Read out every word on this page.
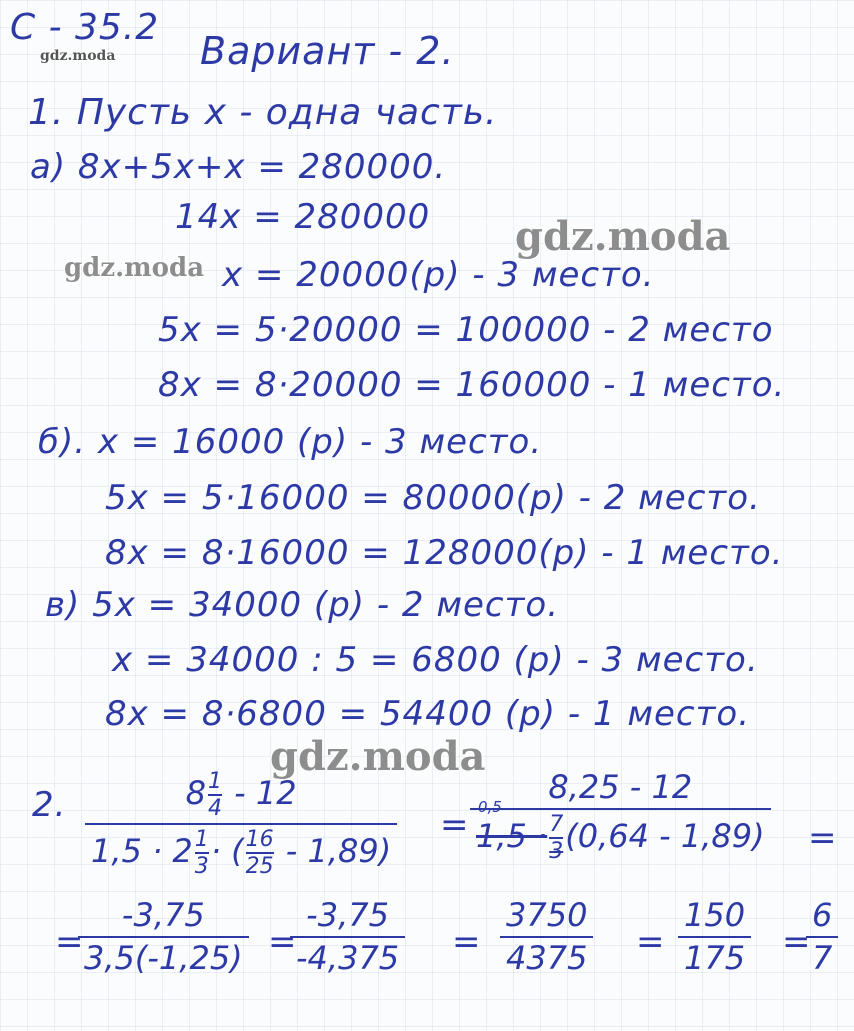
С - 35.2
gdz.moda Вариант - 2.
1. Пусть х - одна часть.
а) 8х+5х+х = 280000.
14х = 280000 gdz.moda
gdz.moda х = 20000(р) - 3 место.
5х = 5·20000 = 100000 - 2 место
8х = 8·20000 = 160000 - 1 место.
б). х = 16000 (р) - 3 место.
5х = 5·16000 = 80000(р) - 2 место.
8х = 8·16000 = 128000(р) - 1 место.
в) 5х = 34000 (р) - 2 место.
х = 34000 : 5 = 6800 (р) - 3 место.
8х = 8·6800 = 54400 (р) - 1 место.
gdz.moda
2.	$8 \frac{1}{4} - 12$
$1,5 \cdot 2 \frac{1}{3}$ · ( $\frac{16}{25} - 1,89$)
=
8,25 - 12
0,5
$1,5 \cdot \frac{7}{3} (0,64 - 1,89)$ =
=
-3,75
3,5(-1,25) =
-3,75
-4,375 =
3750
4375 =
150
175 =
6
7
